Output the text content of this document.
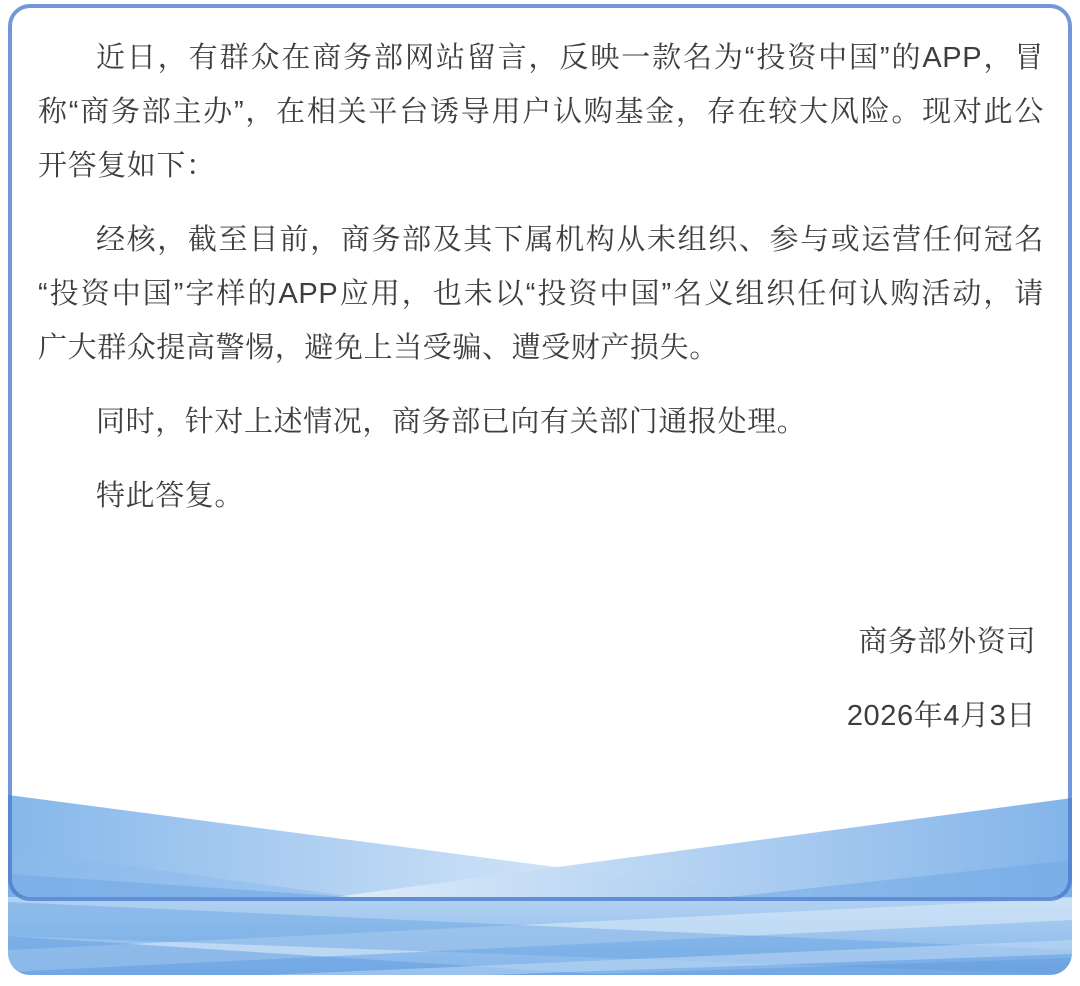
近日，有群众在商务部网站留言，反映一款名为“投资中国”的APP，冒
称“商务部主办”，在相关平台诱导用户认购基金，存在较大风险。现对此公
开答复如下：
经核，截至目前，商务部及其下属机构从未组织、参与或运营任何冠名
“投资中国”字样的APP应用，也未以“投资中国”名义组织任何认购活动，请
广大群众提高警惕，避免上当受骗、遭受财产损失。
同时，针对上述情况，商务部已向有关部门通报处理。
特此答复。
商务部外资司
2026年4月3日
